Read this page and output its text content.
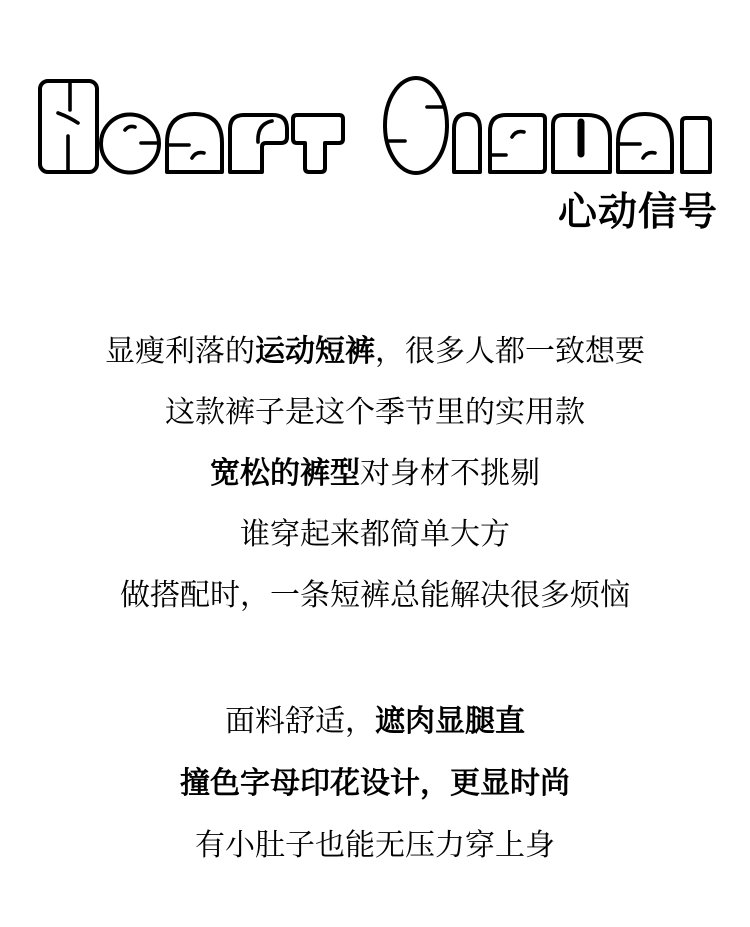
心动信号
显瘦利落的运动短裤，很多人都一致想要
这款裤子是这个季节里的实用款
宽松的裤型对身材不挑剔
谁穿起来都简单大方
做搭配时，一条短裤总能解决很多烦恼
面料舒适，遮肉显腿直
撞色字母印花设计，更显时尚
有小肚子也能无压力穿上身
